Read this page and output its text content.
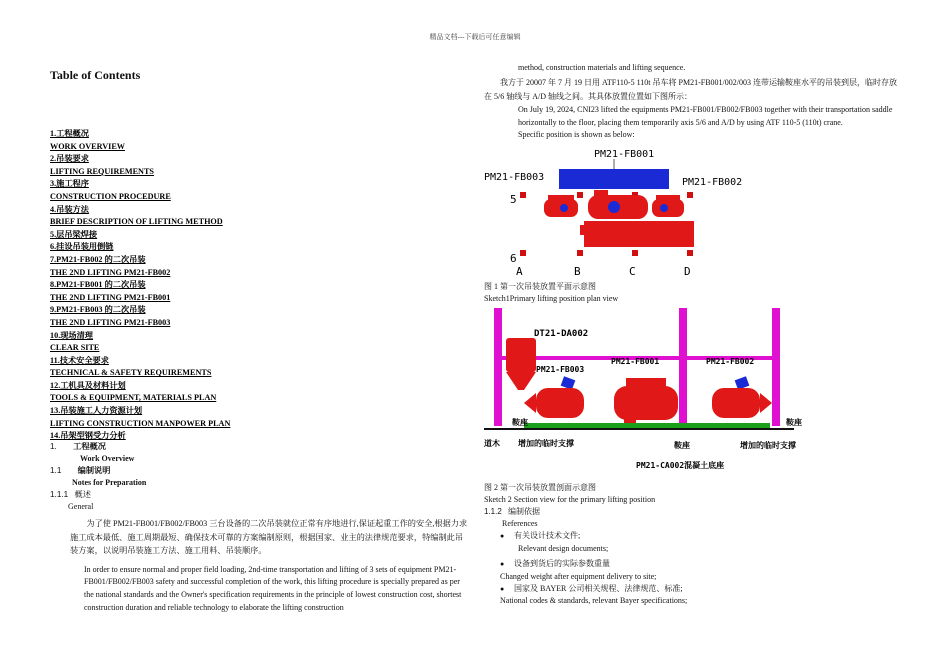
精品文档---下载后可任意编辑
Table of Contents
1.工程概况
WORK OVERVIEW
2.吊装要求
LIFTING REQUIREMENTS
3.施工程序
CONSTRUCTION PROCEDURE
4.吊装方法
BRIEF DESCRIPTION OF LIFTING METHOD
5.层吊梁焊接
6.挂设吊装用倒链
7.PM21-FB002 的二次吊装
THE 2ND LIFTING PM21-FB002
8.PM21-FB001 的二次吊装
THE 2ND LIFTING PM21-FB001
9.PM21-FB003 的二次吊装
THE 2ND LIFTING PM21-FB003
10.现场清理
CLEAR SITE
11.技术安全要求
TECHNICAL & SAFETY REQUIREMENTS
12.工机具及材料计划
TOOLS & EQUIPMENT, MATERIALS PLAN
13.吊装施工人力资源计划
LIFTING CONSTRUCTION MANPOWER PLAN
14.吊架型钢受力分析
1. 工程概况
Work Overview
1.1 编制说明
Notes for Preparation
1.1.1 概述
General
为了使 PM21-FB001/FB002/FB003 三台设备的二次吊装就位正常有序地进行,保证起重工作的安全,根据力求施工成本最低、施工周期最短、确保技术可靠的方案编制原则，根据国家、业主的法律规范要求，特编制此吊装方案，以说明吊装施工方法、施工用料、吊装顺序。
In order to ensure normal and proper field loading, 2nd-time transportation and lifting of 3 sets of equipment PM21-FB001/FB002/FB003 safety and successful completion of the work, this lifting procedure is specially prepared as per the national standards and the Owner's specification requirements in the principle of lowest construction cost, shortest construction duration and reliable technology to elaborate the lifting construction
method, construction materials and lifting sequence.
我方于 20007 年 7 月 19 日用 ATF110-5 110t 吊车将 PM21-FB001/002/003 连带运输鞍座水平的吊装到层，临时存放在 5/6 轴线与 A/D 轴线之间。其具体放置位置如下图所示：
On July 19, 2024, CNI23 lifted the equipments PM21-FB001/FB002/FB003 together with their transportation saddle horizontally to the floor, placing them temporarily axis 5/6 and A/D by using ATF 110-5 (110t) crane.
Specific position is shown as below:
PM21-FB001
PM21-FB003	PM21-FB002
5
6
A	B	C	D
图 1 第一次吊装放置平面示意图
Sketch1Primary lifting position plan view
DT21-DA002
PM21-FB003
PM21-FB001	PM21-FB002
鞍座	鞍座
道木 增加的临时支撑	鞍座	增加的临时支撑
PM21-CA002混凝土底座
图 2 第一次吊装放置剖面示意图
Sketch 2 Section view for the primary lifting position
1.1.2 编制依据
References
● 有关设计技术文件;
Relevant design documents;
● 设备到货后的实际参数重量
Changed weight after equipment delivery to site;
● 国家及 BAYER 公司相关规程、法律规范、标准;
National codes & standards, relevant Bayer specifications;
